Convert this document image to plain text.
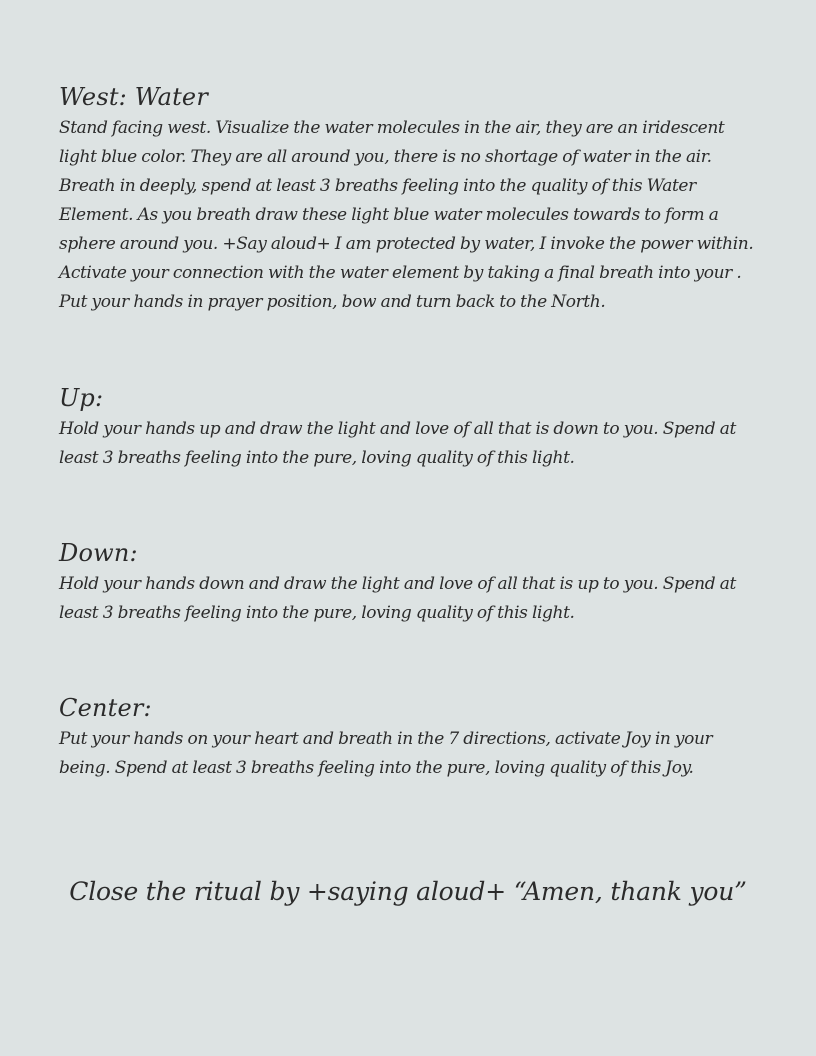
West: Water

Stand facing west. Visualize the water molecules in the air, they are an iridescent light blue color. They are all around you, there is no shortage of water in the air. Breath in deeply, spend at least 3 breaths feeling into the quality of this Water Element. As you breath draw these light blue water molecules towards to form a sphere around you. +Say aloud+ I am protected by water, I invoke the power within. Activate your connection with the water element by taking a final breath into your . Put your hands in prayer position, bow and turn back to the North.

Up:

Hold your hands up and draw the light and love of all that is down to you. Spend at least 3 breaths feeling into the pure, loving quality of this light.

Down:

Hold your hands down and draw the light and love of all that is up to you. Spend at least 3 breaths feeling into the pure, loving quality of this light.

Center:

Put your hands on your heart and breath in the 7 directions, activate Joy in your being. Spend at least 3 breaths feeling into the pure, loving quality of this Joy.

Close the ritual by +saying aloud+ “Amen, thank you”
